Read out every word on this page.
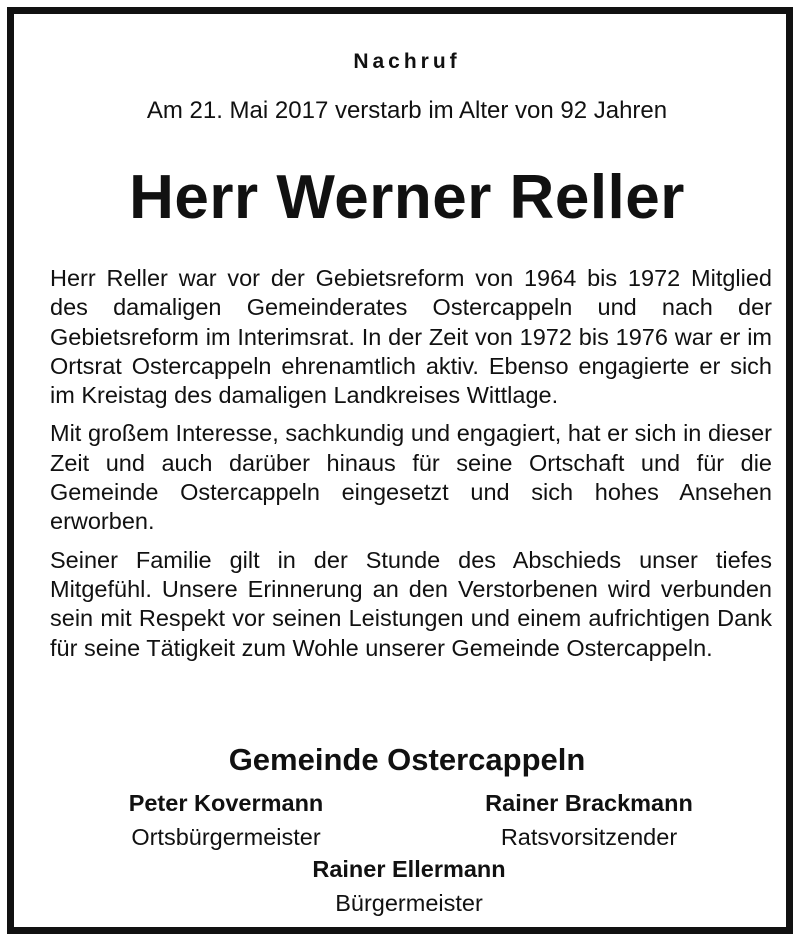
Nachruf
Am 21. Mai 2017 verstarb im Alter von 92 Jahren
Herr Werner Reller

Herr Reller war vor der Gebietsreform von 1964 bis 1972 Mitglied des damaligen Gemeinderates Ostercappeln und nach der Gebietsreform im Interimsrat. In der Zeit von 1972 bis 1976 war er im Ortsrat Ostercappeln ehrenamtlich aktiv. Ebenso engagierte er sich im Kreistag des damaligen Landkreises Wittlage.

Mit großem Interesse, sachkundig und engagiert, hat er sich in dieser Zeit und auch darüber hinaus für seine Ortschaft und für die Gemeinde Ostercappeln eingesetzt und sich hohes Ansehen erworben.

Seiner Familie gilt in der Stunde des Abschieds unser tiefes Mitgefühl. Unsere Erinnerung an den Verstorbenen wird verbunden sein mit Respekt vor seinen Leistungen und einem aufrichtigen Dank für seine Tätigkeit zum Wohle unserer Gemeinde Ostercappeln.

Gemeinde Ostercappeln
Peter Kovermann
Ortsbürgermeister
Rainer Brackmann
Ratsvorsitzender
Rainer Ellermann
Bürgermeister
